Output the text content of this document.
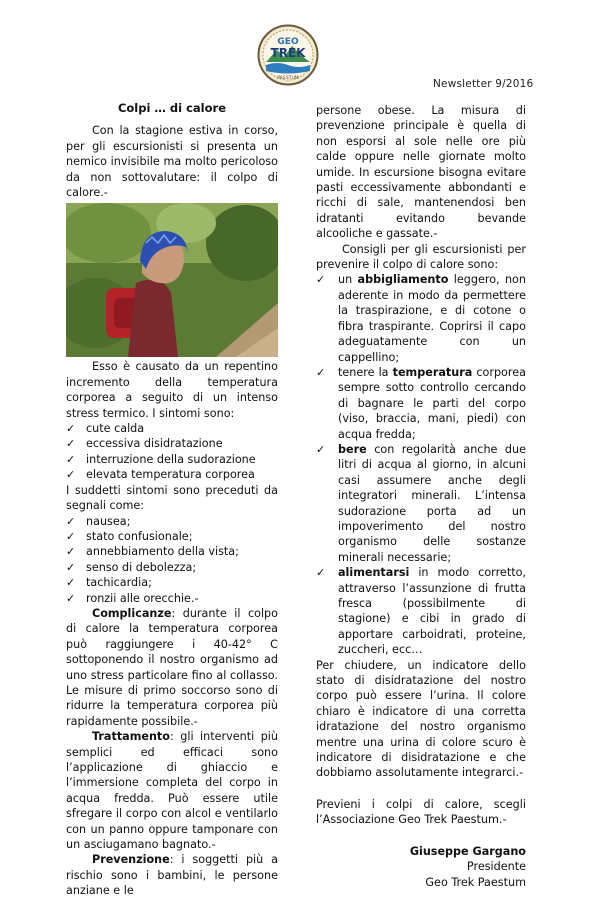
GEO
TREK
PAESTUM	Newsletter 9/2016
Colpi … di calore

Con la stagione estiva in corso, per gli escursionisti si presenta un nemico invisibile ma molto pericoloso da non sottovalutare: il colpo di calore.-

Esso è causato da un repentino incremento della temperatura corporea a seguito di un intenso stress termico. I sintomi sono:

✓ cute calda
✓ eccessiva disidratazione
✓ interruzione della sudorazione
✓ elevata temperatura corporea

I suddetti sintomi sono preceduti da segnali come:

✓ nausea;
✓ stato confusionale;
✓ annebbiamento della vista;
✓ senso di debolezza;
✓ tachicardia;
✓ ronzii alle orecchie.-

Complicanze: durante il colpo di calore la temperatura corporea può raggiungere i 40-42° C sottoponendo il nostro organismo ad uno stress particolare fino al collasso. Le misure di primo soccorso sono di ridurre la temperatura corporea più rapidamente possibile.-

Trattamento: gli interventi più semplici ed efficaci sono l’applicazione di ghiaccio e l’immersione completa del corpo in acqua fredda. Può essere utile sfregare il corpo con alcol e ventilarlo con un panno oppure tamponare con un asciugamano bagnato.-

Prevenzione: i soggetti più a rischio sono i bambini, le persone anziane e le

persone obese. La misura di prevenzione principale è quella di non esporsi al sole nelle ore più calde oppure nelle giornate molto umide. In escursione bisogna evitare pasti eccessivamente abbondanti e ricchi di sale, mantenendosi ben idratanti evitando bevande alcooliche e gassate.-

Consigli per gli escursionisti per prevenire il colpo di calore sono:

✓ un abbigliamento leggero, non aderente in modo da permettere la traspirazione, e di cotone o fibra traspirante. Coprirsi il capo adeguatamente con un cappellino;
✓ tenere la temperatura corporea sempre sotto controllo cercando di bagnare le parti del corpo (viso, braccia, mani, piedi) con acqua fredda;
✓ bere con regolarità anche due litri di acqua al giorno, in alcuni casi assumere anche degli integratori minerali. L’intensa sudorazione porta ad un impoverimento del nostro organismo delle sostanze minerali necessarie;
✓ alimentarsi in modo corretto, attraverso l’assunzione di frutta fresca (possibilmente di stagione) e cibi in grado di apportare carboidrati, proteine, zuccheri, ecc…

Per chiudere, un indicatore dello stato di disidratazione del nostro corpo può essere l’urina. Il colore chiaro è indicatore di una corretta idratazione del nostro organismo mentre una urina di colore scuro è indicatore di disidratazione e che dobbiamo assolutamente integrarci.-

Previeni i colpi di calore, scegli l’Associazione Geo Trek Paestum.-

Giuseppe Gargano
Presidente
Geo Trek Paestum
